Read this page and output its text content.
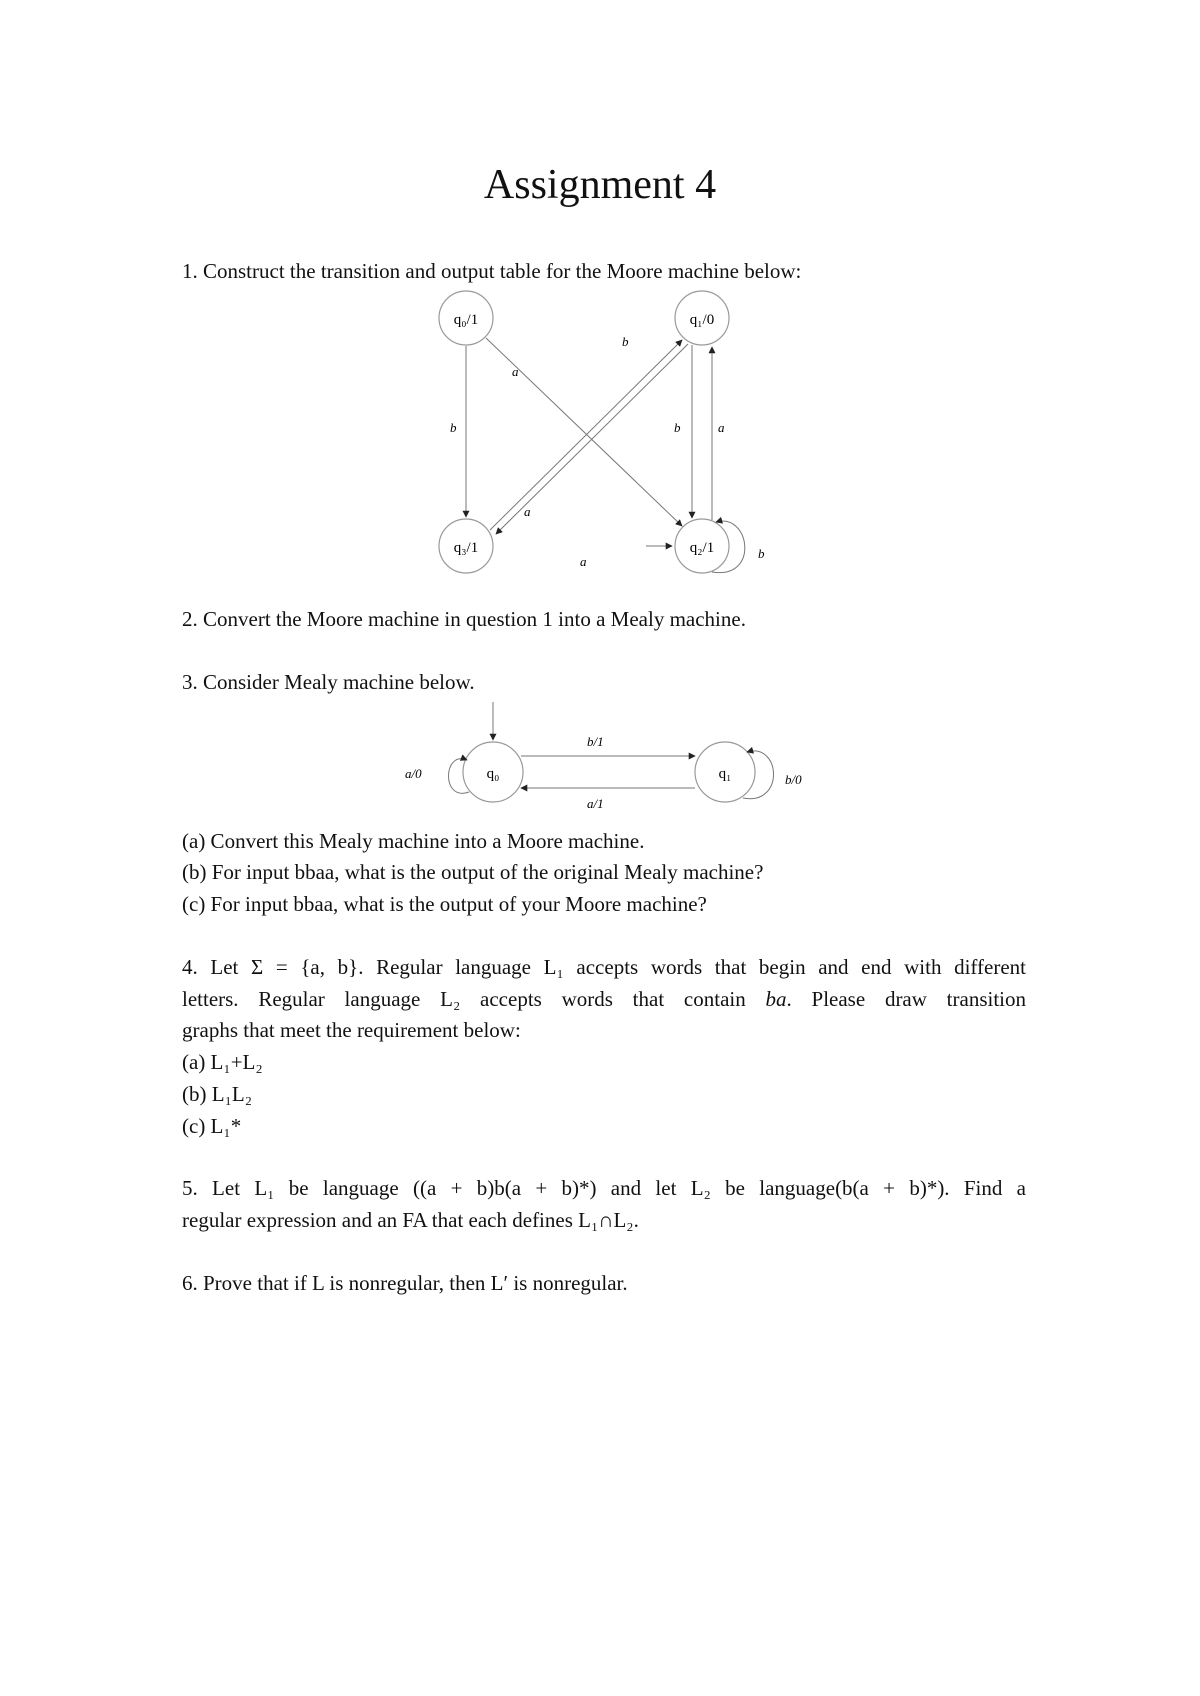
Assignment 4
1. Construct the transition and output table for the Moore machine below:
q₀/1	q₁/0
q₃/1	q₂/1
a
b
b
a
b	a
a
b
2. Convert the Moore machine in question 1 into a Mealy machine.
3. Consider Mealy machine below.
q₀	q₁
a/0
b/1
a/1
b/0
(a) Convert this Mealy machine into a Moore machine.
(b) For input bbaa, what is the output of the original Mealy machine?
(c) For input bbaa, what is the output of your Moore machine?
4. Let Σ = {a, b}. Regular language L₁ accepts words that begin and end with different
letters. Regular language L₂ accepts words that contain ba. Please draw transition
graphs that meet the requirement below:
(a) L₁+L₂
(b) L₁L₂
(c) L₁*
5. Let L₁ be language ((a + b)b(a + b)*) and let L₂ be language(b(a + b)*). Find a
regular expression and an FA that each defines L₁∩L₂.
6. Prove that if L is nonregular, then L′ is nonregular.
